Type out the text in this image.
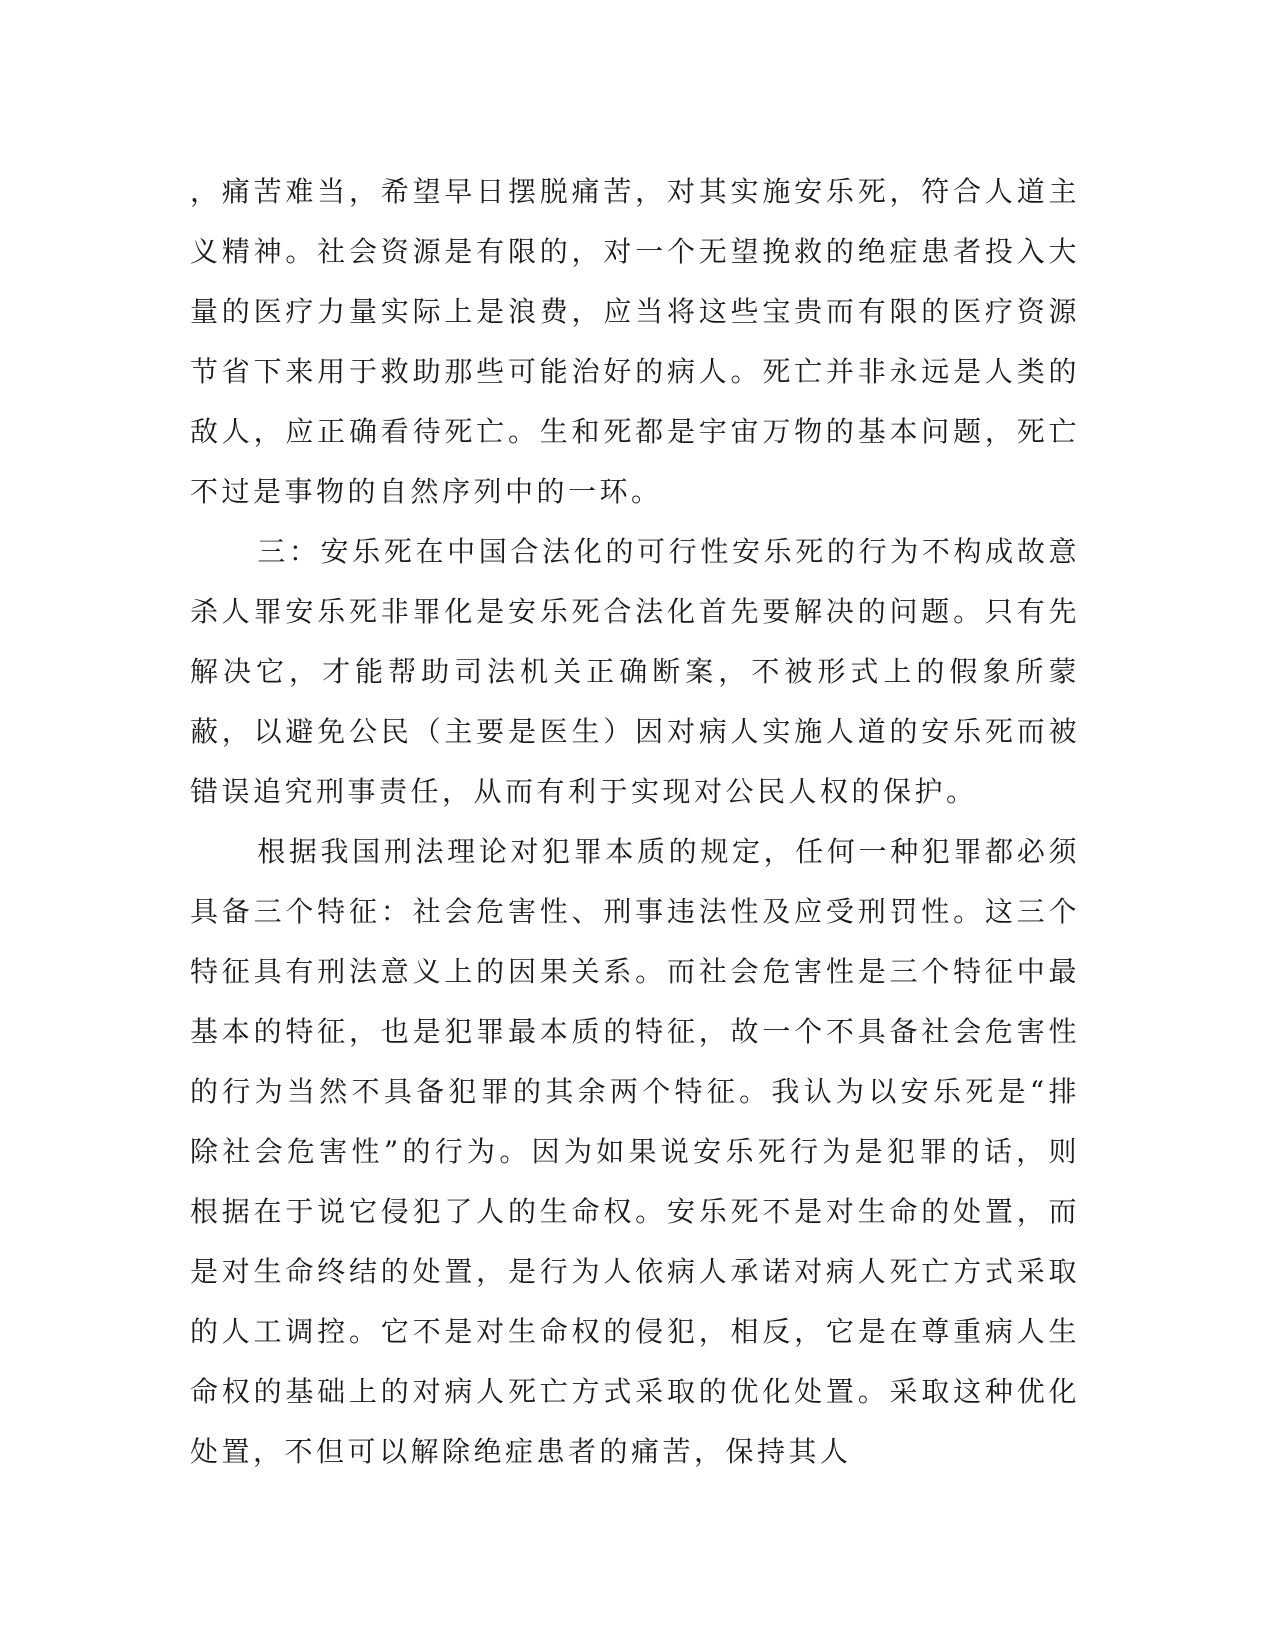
，痛苦难当，希望早日摆脱痛苦，对其实施安乐死，符合人道主义精神。社会资源是有限的，对一个无望挽救的绝症患者投入大量的医疗力量实际上是浪费，应当将这些宝贵而有限的医疗资源节省下来用于救助那些可能治好的病人。死亡并非永远是人类的敌人，应正确看待死亡。生和死都是宇宙万物的基本问题，死亡不过是事物的自然序列中的一环。

三：安乐死在中国合法化的可行性安乐死的行为不构成故意杀人罪安乐死非罪化是安乐死合法化首先要解决的问题。只有先解决它，才能帮助司法机关正确断案，不被形式上的假象所蒙蔽，以避免公民（主要是医生）因对病人实施人道的安乐死而被错误追究刑事责任，从而有利于实现对公民人权的保护。

根据我国刑法理论对犯罪本质的规定，任何一种犯罪都必须具备三个特征：社会危害性、刑事违法性及应受刑罚性。这三个特征具有刑法意义上的因果关系。而社会危害性是三个特征中最基本的特征，也是犯罪最本质的特征，故一个不具备社会危害性的行为当然不具备犯罪的其余两个特征。我认为以安乐死是“排除社会危害性”的行为。因为如果说安乐死行为是犯罪的话，则根据在于说它侵犯了人的生命权。安乐死不是对生命的处置，而是对生命终结的处置，是行为人依病人承诺对病人死亡方式采取的人工调控。它不是对生命权的侵犯，相反，它是在尊重病人生命权的基础上的对病人死亡方式采取的优化处置。采取这种优化处置，不但可以解除绝症患者的痛苦，保持其人
